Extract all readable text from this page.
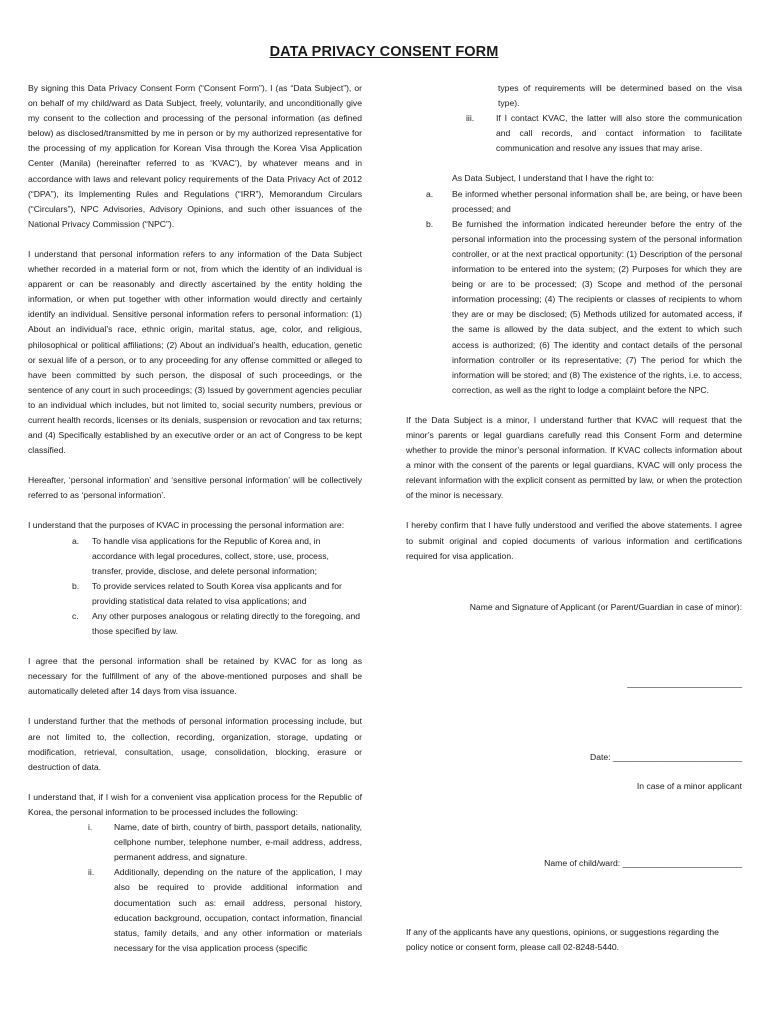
DATA PRIVACY CONSENT FORM

By signing this Data Privacy Consent Form (“Consent Form”), I (as “Data Subject”), or on behalf of my child/ward as Data Subject, freely, voluntarily, and unconditionally give my consent to the collection and processing of the personal information (as defined below) as disclosed/transmitted by me in person or by my authorized representative for the processing of my application for Korean Visa through the Korea Visa Application Center (Manila) (hereinafter referred to as ‘KVAC’), by whatever means and in accordance with laws and relevant policy requirements of the Data Privacy Act of 2012 (“DPA”), its Implementing Rules and Regulations (“IRR”), Memorandum Circulars (“Circulars”), NPC Advisories, Advisory Opinions, and such other issuances of the National Privacy Commission (“NPC”).

I understand that personal information refers to any information of the Data Subject whether recorded in a material form or not, from which the identity of an individual is apparent or can be reasonably and directly ascertained by the entity holding the information, or when put together with other information would directly and certainly identify an individual. Sensitive personal information refers to personal information: (1) About an individual’s race, ethnic origin, marital status, age, color, and religious, philosophical or political affiliations; (2) About an individual’s health, education, genetic or sexual life of a person, or to any proceeding for any offense committed or alleged to have been committed by such person, the disposal of such proceedings, or the sentence of any court in such proceedings; (3) Issued by government agencies peculiar to an individual which includes, but not limited to, social security numbers, previous or current health records, licenses or its denials, suspension or revocation and tax returns; and (4) Specifically established by an executive order or an act of Congress to be kept classified.

Hereafter, ‘personal information’ and ‘sensitive personal information’ will be collectively referred to as ‘personal information’.

I understand that the purposes of KVAC in processing the personal information are:

a.	To handle visa applications for the Republic of Korea and, in accordance with legal procedures, collect, store, use, process, transfer, provide, disclose, and delete personal information;
b.	To provide services related to South Korea visa applicants and for providing statistical data related to visa applications; and
c.	Any other purposes analogous or relating directly to the foregoing, and those specified by law.

I agree that the personal information shall be retained by KVAC for as long as necessary for the fulfillment of any of the above-mentioned purposes and shall be automatically deleted after 14 days from visa issuance.

I understand further that the methods of personal information processing include, but are not limited to, the collection, recording, organization, storage, updating or modification, retrieval, consultation, usage, consolidation, blocking, erasure or destruction of data.

I understand that, if I wish for a convenient visa application process for the Republic of Korea, the personal information to be processed includes the following:

i.	Name, date of birth, country of birth, passport details, nationality, cellphone number, telephone number, e-mail address, address, permanent address, and signature.
ii.	Additionally, depending on the nature of the application, I may also be required to provide additional information and documentation such as: email address, personal history, education background, occupation, contact information, financial status, family details, and any other information or materials necessary for the visa application process (specific

types of requirements will be determined based on the visa type).

iii.	If I contact KVAC, the latter will also store the communication and call records, and contact information to facilitate communication and resolve any issues that may arise.

As Data Subject, I understand that I have the right to:

a.	Be informed whether personal information shall be, are being, or have been processed; and
b.	Be furnished the information indicated hereunder before the entry of the personal information into the processing system of the personal information controller, or at the next practical opportunity: (1) Description of the personal information to be entered into the system; (2) Purposes for which they are being or are to be processed; (3) Scope and method of the personal information processing; (4) The recipients or classes of recipients to whom they are or may be disclosed; (5) Methods utilized for automated access, if the same is allowed by the data subject, and the extent to which such access is authorized; (6) The identity and contact details of the personal information controller or its representative; (7) The period for which the information will be stored; and (8) The existence of the rights, i.e. to access, correction, as well as the right to lodge a complaint before the NPC.

If the Data Subject is a minor, I understand further that KVAC will request that the minor’s parents or legal guardians carefully read this Consent Form and determine whether to provide the minor’s personal information. If KVAC collects information about a minor with the consent of the parents or legal guardians, KVAC will only process the relevant information with the explicit consent as permitted by law, or when the protection of the minor is necessary.

I hereby confirm that I have fully understood and verified the above statements. I agree to submit original and copied documents of various information and certifications required for visa application.

Name and Signature of Applicant (or Parent/Guardian in case of minor):
________________________
Date: ___________________________
In case of a minor applicant
Name of child/ward: _________________________

If any of the applicants have any questions, opinions, or suggestions regarding the policy notice or consent form, please call 02-8248-5440.
